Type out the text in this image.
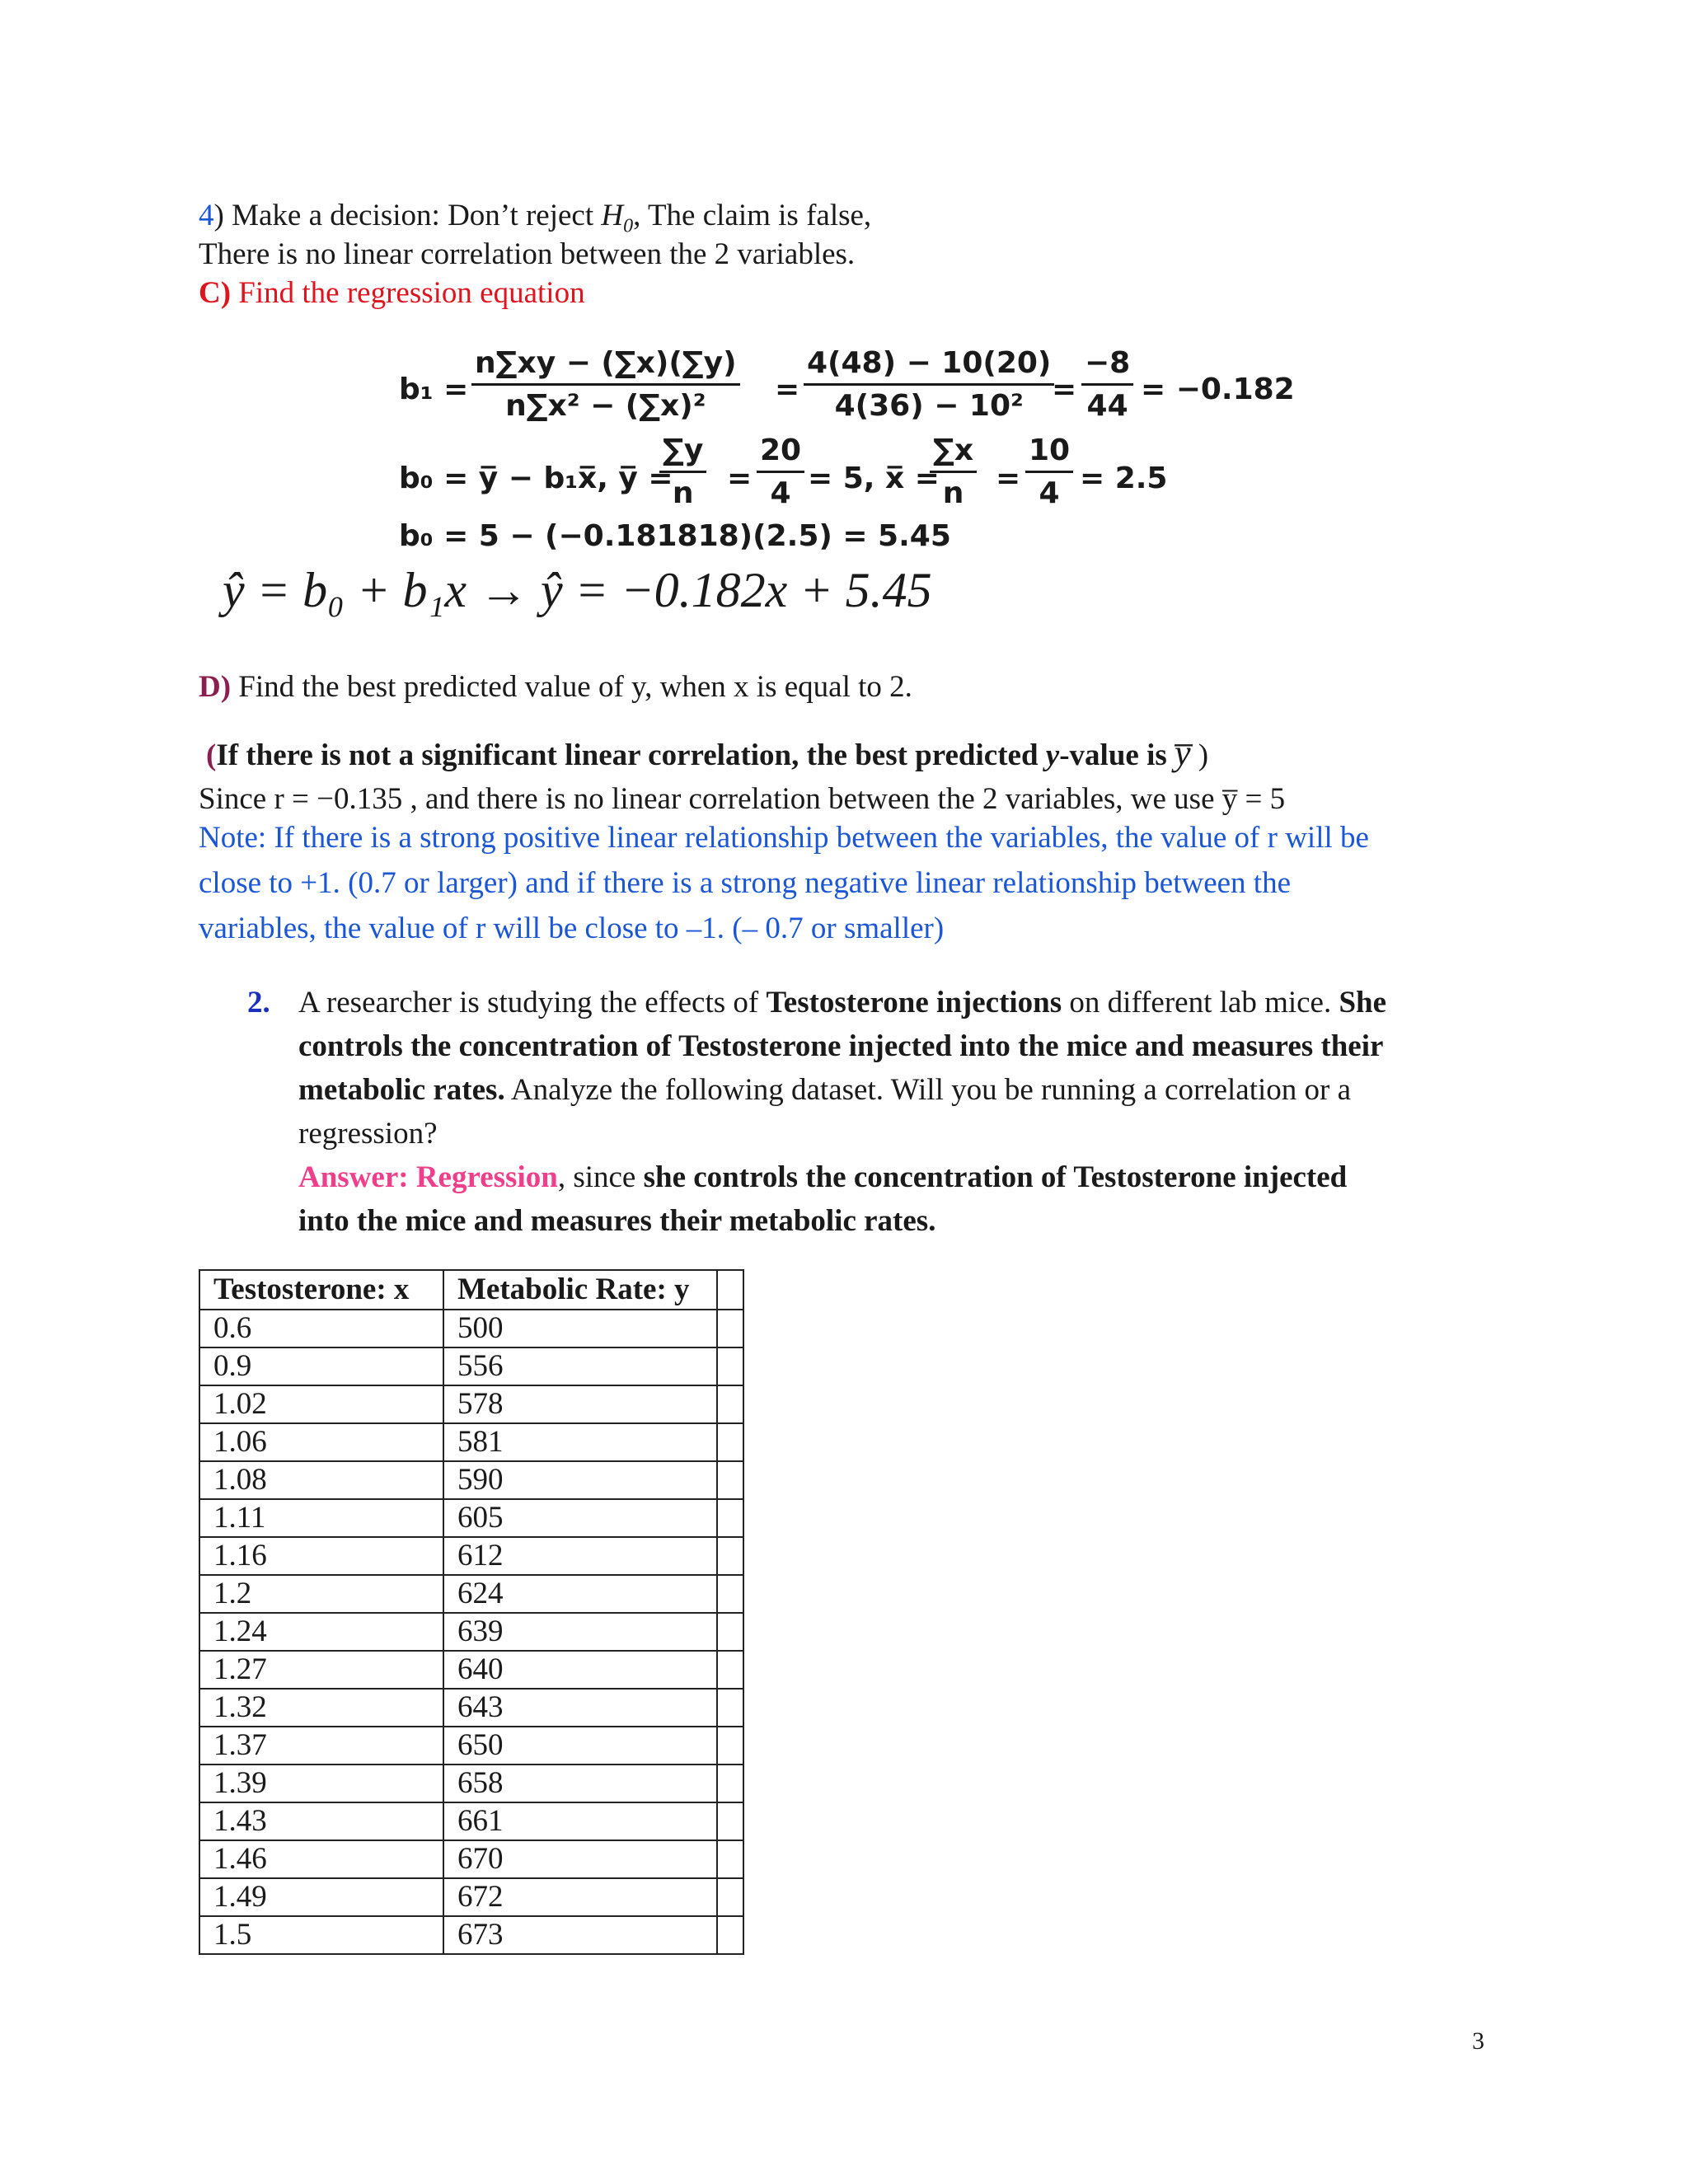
4) Make a decision: Don’t reject $H_0$, The claim is false,
There is no linear correlation between the 2 variables.
C) Find the regression equation
b₁ =
n∑xy − (∑x)(∑y)
n∑x² − (∑x)²	=
4(48) − 10(20)
4(36) − 10² =
−8
44 = −0.182
b₀ = y̅ − b₁x̅, y̅ =
∑y
n	=
20
4 = 5, x̅ =
∑x
n	=
10
4 = 2.5
b₀ = 5 − (−0.181818)(2.5) = 5.45
ŷ = b₀ + b₁x → ŷ = −0.182x + 5.45
D) Find the best predicted value of y, when x is equal to 2.
(If there is not a significant linear correlation, the best predicted y-value is y̅ )
Since r = −0.135 , and there is no linear correlation between the 2 variables, we use y̅ = 5
Note: If there is a strong positive linear relationship between the variables, the value of r will be
close to +1. (0.7 or larger) and if there is a strong negative linear relationship between the
variables, the value of r will be close to –1. (– 0.7 or smaller)
2. A researcher is studying the effects of Testosterone injections on different lab mice. She
controls the concentration of Testosterone injected into the mice and measures their
metabolic rates. Analyze the following dataset. Will you be running a correlation or a
regression?
Answer: Regression, since she controls the concentration of Testosterone injected
into the mice and measures their metabolic rates.
Testosterone: x	Metabolic Rate: y	
0.6	500	
0.9	556	
1.02	578	
1.06	581	
1.08	590	
1.11	605	
1.16	612	
1.2	624	
1.24	639	
1.27	640	
1.32	643	
1.37	650	
1.39	658	
1.43	661	
1.46	670	
1.49	672	
1.5	673	
3
